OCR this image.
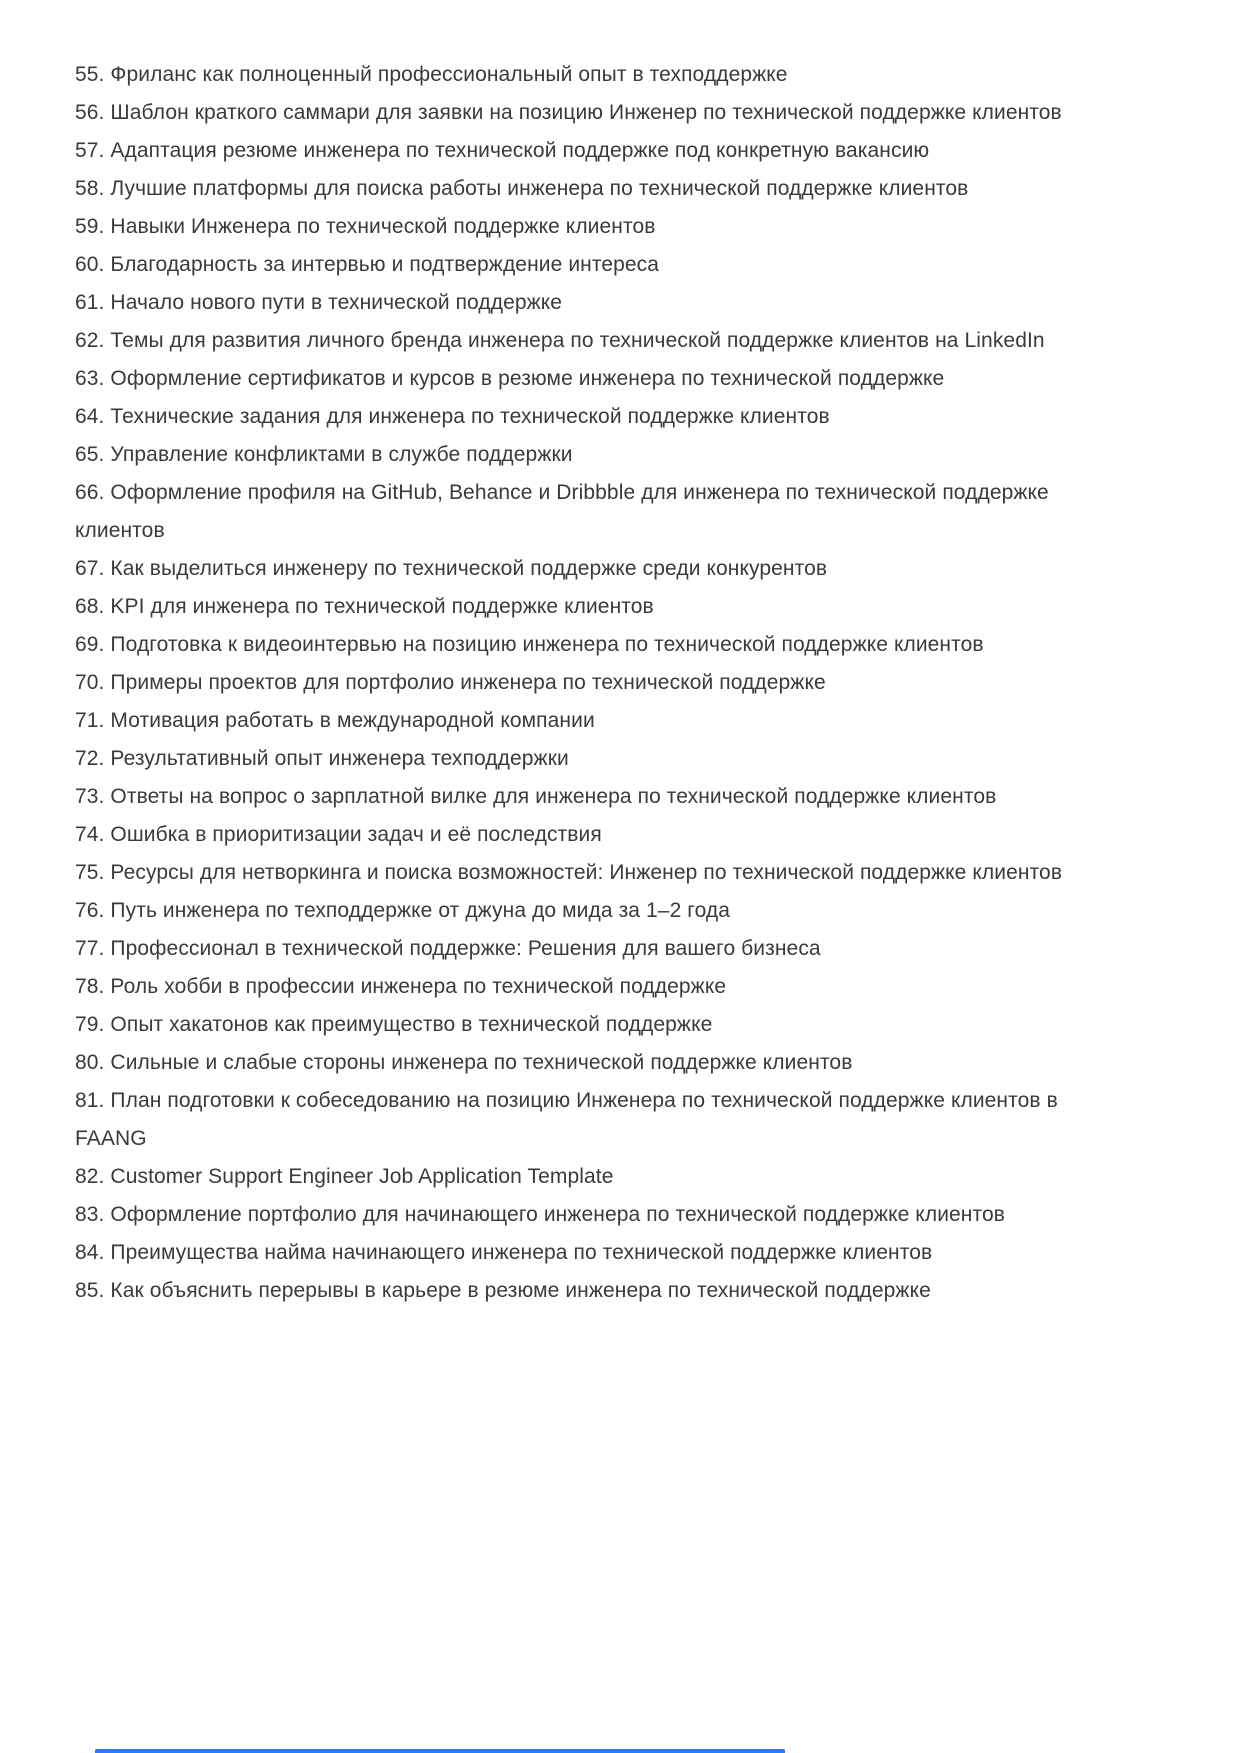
55. Фриланс как полноценный профессиональный опыт в техподдержке

56. Шаблон краткого саммари для заявки на позицию Инженер по технической поддержке клиентов

57. Адаптация резюме инженера по технической поддержке под конкретную вакансию

58. Лучшие платформы для поиска работы инженера по технической поддержке клиентов

59. Навыки Инженера по технической поддержке клиентов

60. Благодарность за интервью и подтверждение интереса

61. Начало нового пути в технической поддержке

62. Темы для развития личного бренда инженера по технической поддержке клиентов на LinkedIn

63. Оформление сертификатов и курсов в резюме инженера по технической поддержке

64. Технические задания для инженера по технической поддержке клиентов

65. Управление конфликтами в службе поддержки

66. Оформление профиля на GitHub, Behance и Dribbble для инженера по технической поддержке клиентов

67. Как выделиться инженеру по технической поддержке среди конкурентов

68. KPI для инженера по технической поддержке клиентов

69. Подготовка к видеоинтервью на позицию инженера по технической поддержке клиентов

70. Примеры проектов для портфолио инженера по технической поддержке

71. Мотивация работать в международной компании

72. Результативный опыт инженера техподдержки

73. Ответы на вопрос о зарплатной вилке для инженера по технической поддержке клиентов

74. Ошибка в приоритизации задач и её последствия

75. Ресурсы для нетворкинга и поиска возможностей: Инженер по технической поддержке клиентов

76. Путь инженера по техподдержке от джуна до мида за 1–2 года

77. Профессионал в технической поддержке: Решения для вашего бизнеса

78. Роль хобби в профессии инженера по технической поддержке

79. Опыт хакатонов как преимущество в технической поддержке

80. Сильные и слабые стороны инженера по технической поддержке клиентов

81. План подготовки к собеседованию на позицию Инженера по технической поддержке клиентов в FAANG

82. Customer Support Engineer Job Application Template

83. Оформление портфолио для начинающего инженера по технической поддержке клиентов

84. Преимущества найма начинающего инженера по технической поддержке клиентов

85. Как объяснить перерывы в карьере в резюме инженера по технической поддержке
